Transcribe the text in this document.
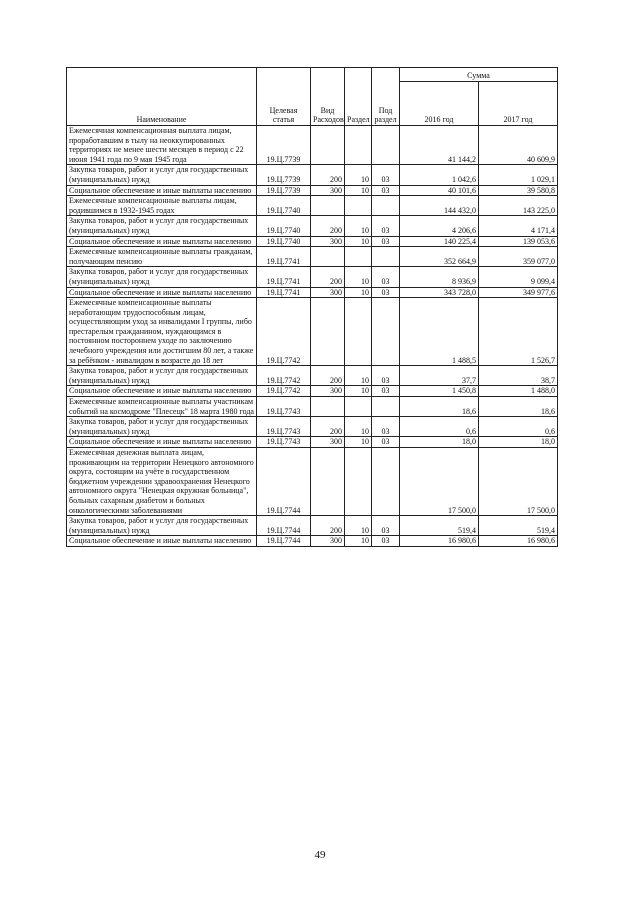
Наименование	Целевая статья	Вид Расходов	Раздел	Под раздел	Сумма	
					2016 год	2017 год
Ежемесячная компенсационная выплата лицам, проработавшим в тылу на неоккупированных территориях не менее шести месяцев в период с 22 июня 1941 года по 9 мая 1945 года	19.Ц.7739				41 144,2	40 609,9
Закупка товаров, работ и услуг для государственных (муниципальных) нужд	19.Ц.7739	200	10	03	1 042,6	1 029,1
Социальное обеспечение и иные выплаты населению	19.Ц.7739	300	10	03	40 101,6	39 580,8
Ежемесячные компенсационные выплаты лицам, родившимся в 1932-1945 годах	19.Ц.7740				144 432,0	143 225,0
Закупка товаров, работ и услуг для государственных (муниципальных) нужд	19.Ц.7740	200	10	03	4 206,6	4 171,4
Социальное обеспечение и иные выплаты населению	19.Ц.7740	300	10	03	140 225,4	139 053,6
Ежемесячные компенсационные выплаты гражданам, получающим пенсию	19.Ц.7741				352 664,9	359 077,0
Закупка товаров, работ и услуг для государственных (муниципальных) нужд	19.Ц.7741	200	10	03	8 936,9	9 099,4
Социальное обеспечение и иные выплаты населению	19.Ц.7741	300	10	03	343 728,0	349 977,6
Ежемесячные компенсационные выплаты неработающим трудоспособным лицам, осуществляющим уход за инвалидами I группы, либо престарелым гражданином, нуждающимся в постоянном постороннем уходе по заключению лечебного учреждения или достигшим 80 лет, а также за ребёнком - инвалидом в возрасте до 18 лет	19.Ц.7742				1 488,5	1 526,7
Закупка товаров, работ и услуг для государственных (муниципальных) нужд	19.Ц.7742	200	10	03	37,7	38,7
Социальное обеспечение и иные выплаты населению	19.Ц.7742	300	10	03	1 450,8	1 488,0
Ежемесячные компенсационные выплаты участникам событий на космодроме "Плесецк" 18 марта 1980 года	19.Ц.7743				18,6	18,6
Закупка товаров, работ и услуг для государственных (муниципальных) нужд	19.Ц.7743	200	10	03	0,6	0,6
Социальное обеспечение и иные выплаты населению	19.Ц.7743	300	10	03	18,0	18,0
Ежемесячная денежная выплата лицам, проживающим на территории Ненецкого автономного округа, состоящим на учёте в государственном бюджетном учреждении здравоохранения Ненецкого автономного округа "Ненецкая окружная больница", больных сахарным диабетом и больных онкологическими заболеваниями	19.Ц.7744				17 500,0	17 500,0
Закупка товаров, работ и услуг для государственных (муниципальных) нужд	19.Ц.7744	200	10	03	519,4	519,4
Социальное обеспечение и иные выплаты населению	19.Ц.7744	300	10	03	16 980,6	16 980,6
49
